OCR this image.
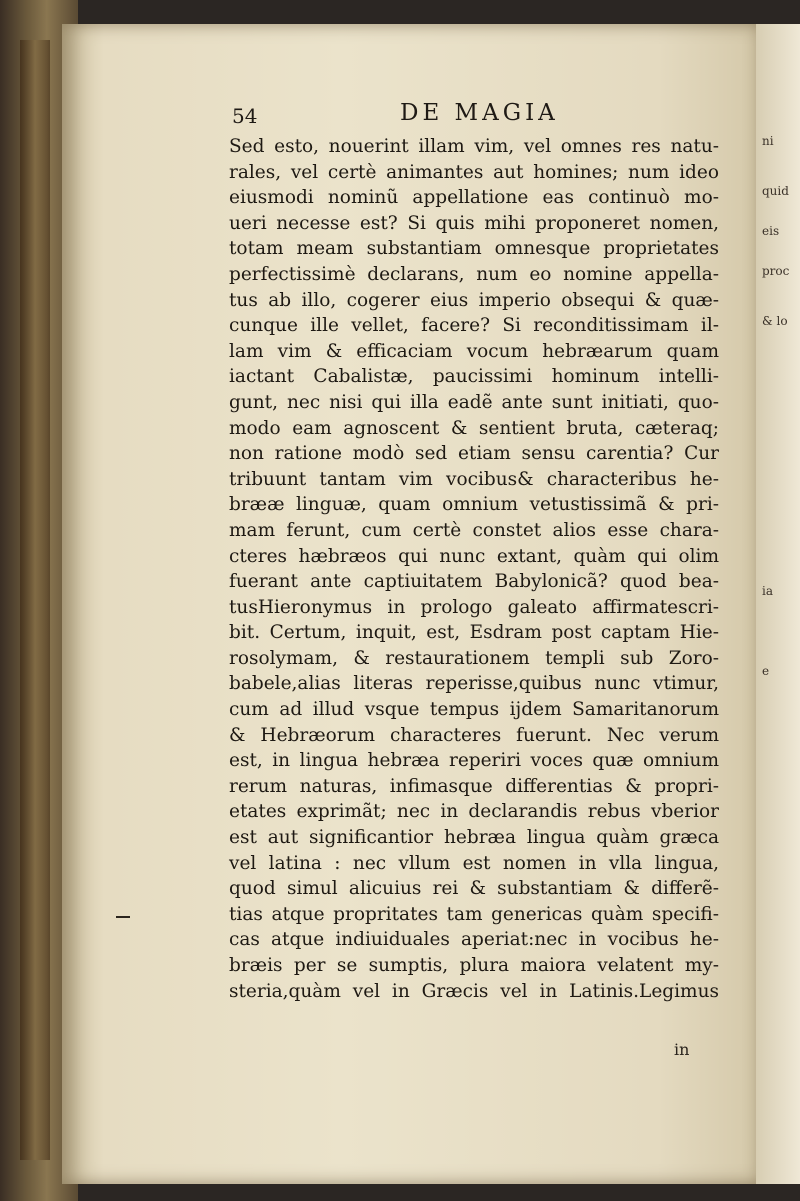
ni
quid
eis
proc
& lo
ia
e
54	DE MAGIA
Sed esto, nouerint illam vim, vel omnes res natu-
rales, vel certè animantes aut homines; num ideo
eiusmodi nominũ appellatione eas continuò mo-
ueri necesse est? Si quis mihi proponeret nomen,
totam meam substantiam omnesque proprietates
perfectissimè declarans, num eo nomine appella-
tus ab illo, cogerer eius imperio obsequi & quæ-
cunque ille vellet, facere? Si reconditissimam il-
lam vim & efficaciam vocum hebræarum quam
iactant Cabalistæ, paucissimi hominum intelli-
gunt, nec nisi qui illa eadẽ ante sunt initiati, quo-
modo eam agnoscent & sentient bruta, cæteraq;
non ratione modò sed etiam sensu carentia? Cur
tribuunt tantam vim vocibus& characteribus he-
brææ linguæ, quam omnium vetustissimã & pri-
mam ferunt, cum certè constet alios esse chara-
cteres hæbræos qui nunc extant, quàm qui olim
fuerant ante captiuitatem Babylonicã? quod bea-
tusHieronymus in prologo galeato affirmatescri-
bit. Certum, inquit, est, Esdram post captam Hie-
rosolymam, & restaurationem templi sub Zoro-
babele,alias literas reperisse,quibus nunc vtimur,
cum ad illud vsque tempus ijdem Samaritanorum
& Hebræorum characteres fuerunt. Nec verum
est, in lingua hebræa reperiri voces quæ omnium
rerum naturas, infimasque differentias & propri-
etates exprimãt; nec in declarandis rebus vberior
est aut significantior hebræa lingua quàm græca
vel latina : nec vllum est nomen in vlla lingua,
quod simul alicuius rei & substantiam & differẽ-
tias atque propritates tam genericas quàm specifi-
cas atque indiuiduales aperiat:nec in vocibus he-
bræis per se sumptis, plura maiora velatent my-
steria,quàm vel in Græcis vel in Latinis.Legimus
in
